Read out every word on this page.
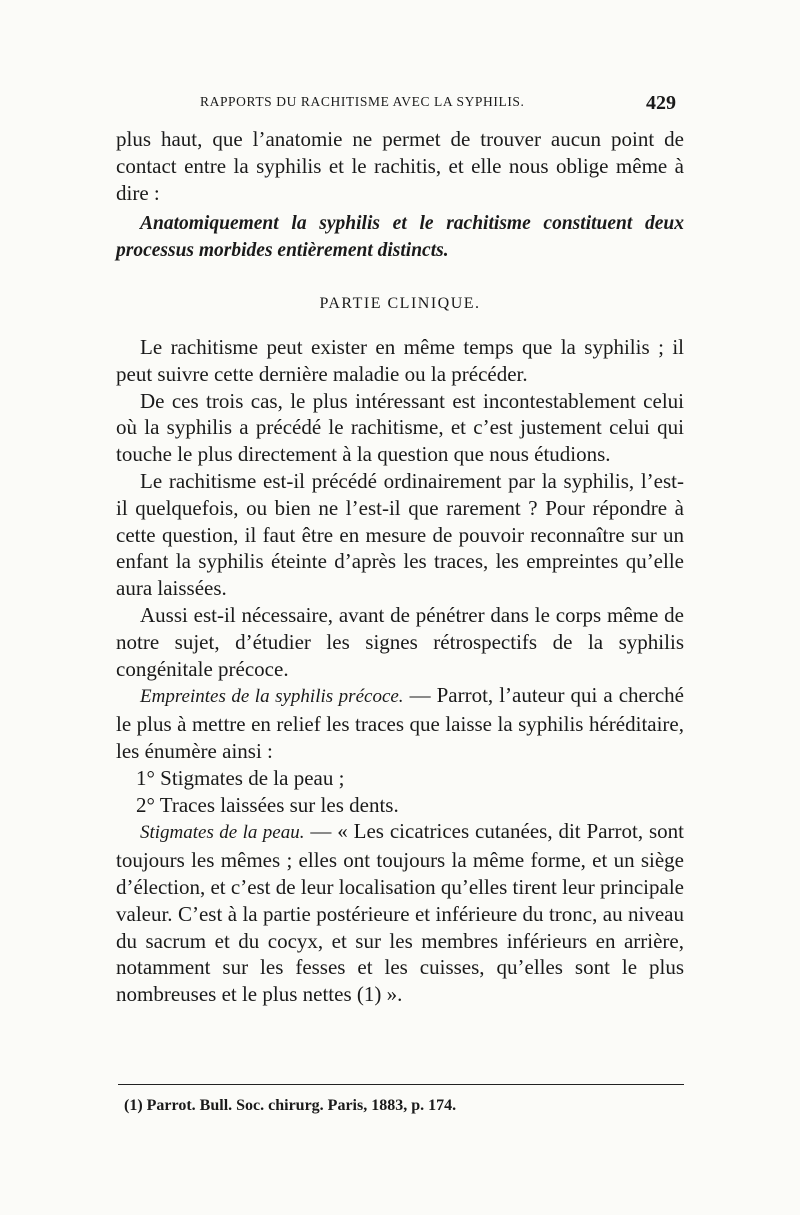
RAPPORTS DU RACHITISME AVEC LA SYPHILIS.	429

plus haut, que l’anatomie ne permet de trouver aucun point de contact entre la syphilis et le rachitis, et elle nous oblige même à dire :

Anatomiquement la syphilis et le rachitisme constituent deux processus morbides entièrement distincts.

PARTIE CLINIQUE.

Le rachitisme peut exister en même temps que la syphilis ; il peut suivre cette dernière maladie ou la précéder.

De ces trois cas, le plus intéressant est incontestablement celui où la syphilis a précédé le rachitisme, et c’est justement celui qui touche le plus directement à la question que nous étudions.

Le rachitisme est-il précédé ordinairement par la syphilis, l’est-il quelquefois, ou bien ne l’est-il que rarement ? Pour répondre à cette question, il faut être en mesure de pouvoir reconnaître sur un enfant la syphilis éteinte d’après les traces, les empreintes qu’elle aura laissées.

Aussi est-il nécessaire, avant de pénétrer dans le corps même de notre sujet, d’étudier les signes rétrospectifs de la syphilis congénitale précoce.

Empreintes de la syphilis précoce. — Parrot, l’auteur qui a cherché le plus à mettre en relief les traces que laisse la syphilis héréditaire, les énumère ainsi :

1° Stigmates de la peau ;

2° Traces laissées sur les dents.

Stigmates de la peau. — « Les cicatrices cutanées, dit Parrot, sont toujours les mêmes ; elles ont toujours la même forme, et un siège d’élection, et c’est de leur localisation qu’elles tirent leur principale valeur. C’est à la partie postérieure et inférieure du tronc, au niveau du sacrum et du cocyx, et sur les membres inférieurs en arrière, notamment sur les fesses et les cuisses, qu’elles sont le plus nombreuses et le plus nettes (1) ».

(1) Parrot. Bull. Soc. chirurg. Paris, 1883, p. 174.
